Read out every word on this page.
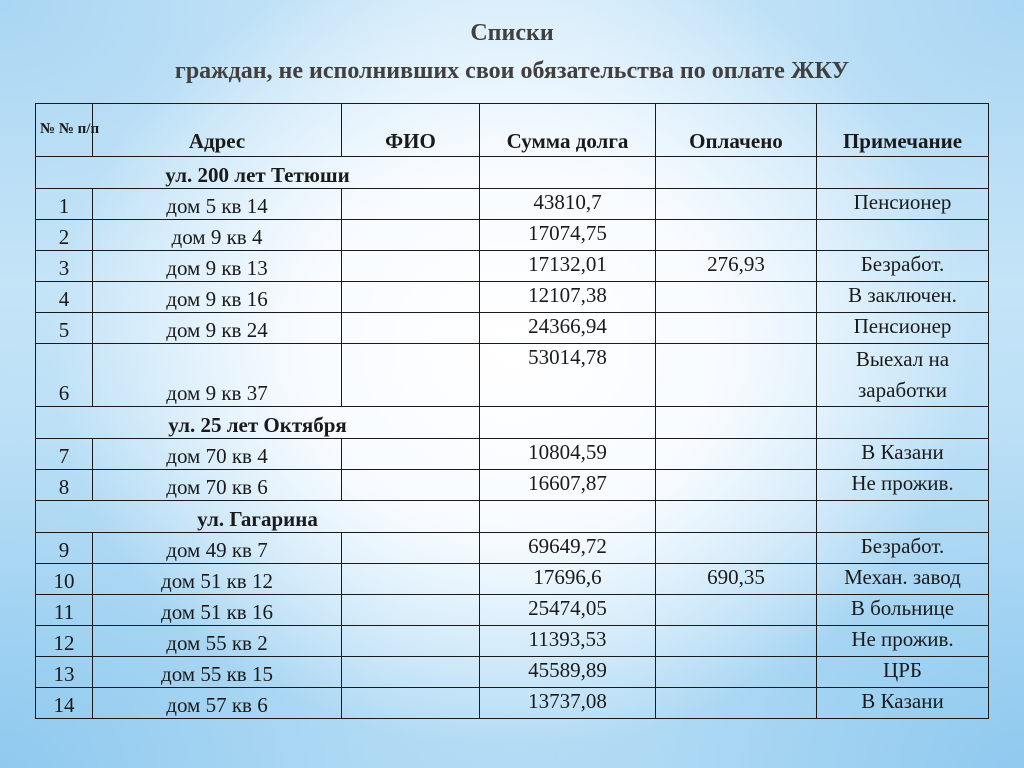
Списки
граждан, не исполнивших свои обязательства по оплате ЖКУ
№ № п/п	Адрес	ФИО	Сумма долга	Оплачено	Примечание
ул. 200 лет Тетюши					
1	дом 5 кв 14		43810,7		Пенсионер
2	дом 9 кв 4		17074,75		
3	дом 9 кв 13		17132,01	276,93	Безработ.
4	дом 9 кв 16		12107,38		В заключен.
5	дом 9 кв 24		24366,94		Пенсионер
6	дом 9 кв 37		53014,78		Выехал на заработки
ул. 25 лет Октября					
7	дом 70 кв 4		10804,59		В Казани
8	дом 70 кв 6		16607,87		Не прожив.
ул. Гагарина					
9	дом 49 кв 7		69649,72		Безработ.
10	дом 51 кв 12		17696,6	690,35	Механ. завод
11	дом 51 кв 16		25474,05		В больнице
12	дом 55 кв 2		11393,53		Не прожив.
13	дом 55 кв 15		45589,89		ЦРБ
14	дом 57 кв 6		13737,08		В Казани
